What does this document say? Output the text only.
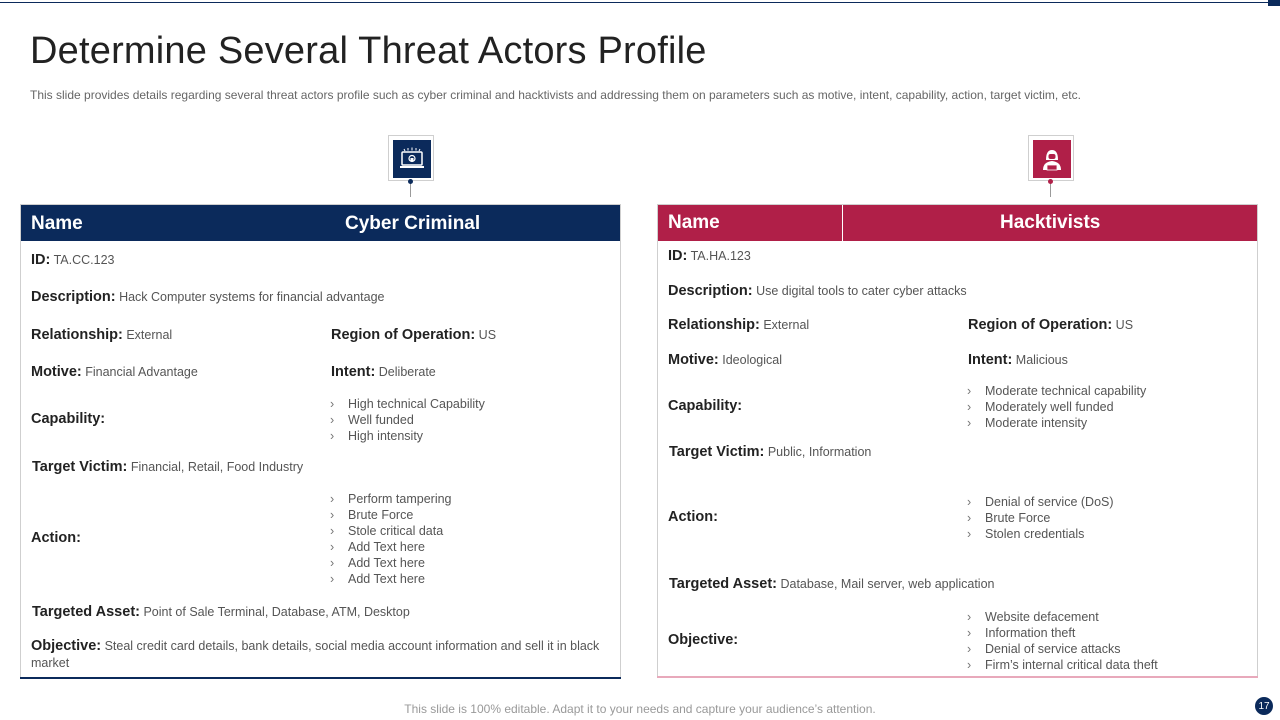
Determine Several Threat Actors Profile
This slide provides details regarding several threat actors profile such as cyber criminal and hacktivists and addressing them on parameters such as motive, intent, capability, action, target victim, etc.
Name	Cyber Criminal
ID: TA.CC.123
Description: Hack Computer systems for financial advantage
Relationship: External	Region of Operation: US
Motive: Financial Advantage	Intent: Deliberate
Capability:
› High technical Capability
› Well funded
› High intensity
Target Victim: Financial, Retail, Food Industry
Action:
› Perform tampering
› Brute Force
› Stole critical data
› Add Text here
› Add Text here
› Add Text here
Targeted Asset: Point of Sale Terminal, Database, ATM, Desktop
Objective: Steal credit card details, bank details, social media account information and sell it in black market
Name	Hacktivists
ID: TA.HA.123
Description: Use digital tools to cater cyber attacks
Relationship: External	Region of Operation: US
Motive: Ideological	Intent: Malicious
Capability:
› Moderate technical capability
› Moderately well funded
› Moderate intensity
Target Victim: Public, Information
Action:
› Denial of service (DoS)
› Brute Force
› Stolen credentials
Targeted Asset: Database, Mail server, web application
Objective:
› Website defacement
› Information theft
› Denial of service attacks
› Firm’s internal critical data theft
This slide is 100% editable. Adapt it to your needs and capture your audience’s attention.	17
